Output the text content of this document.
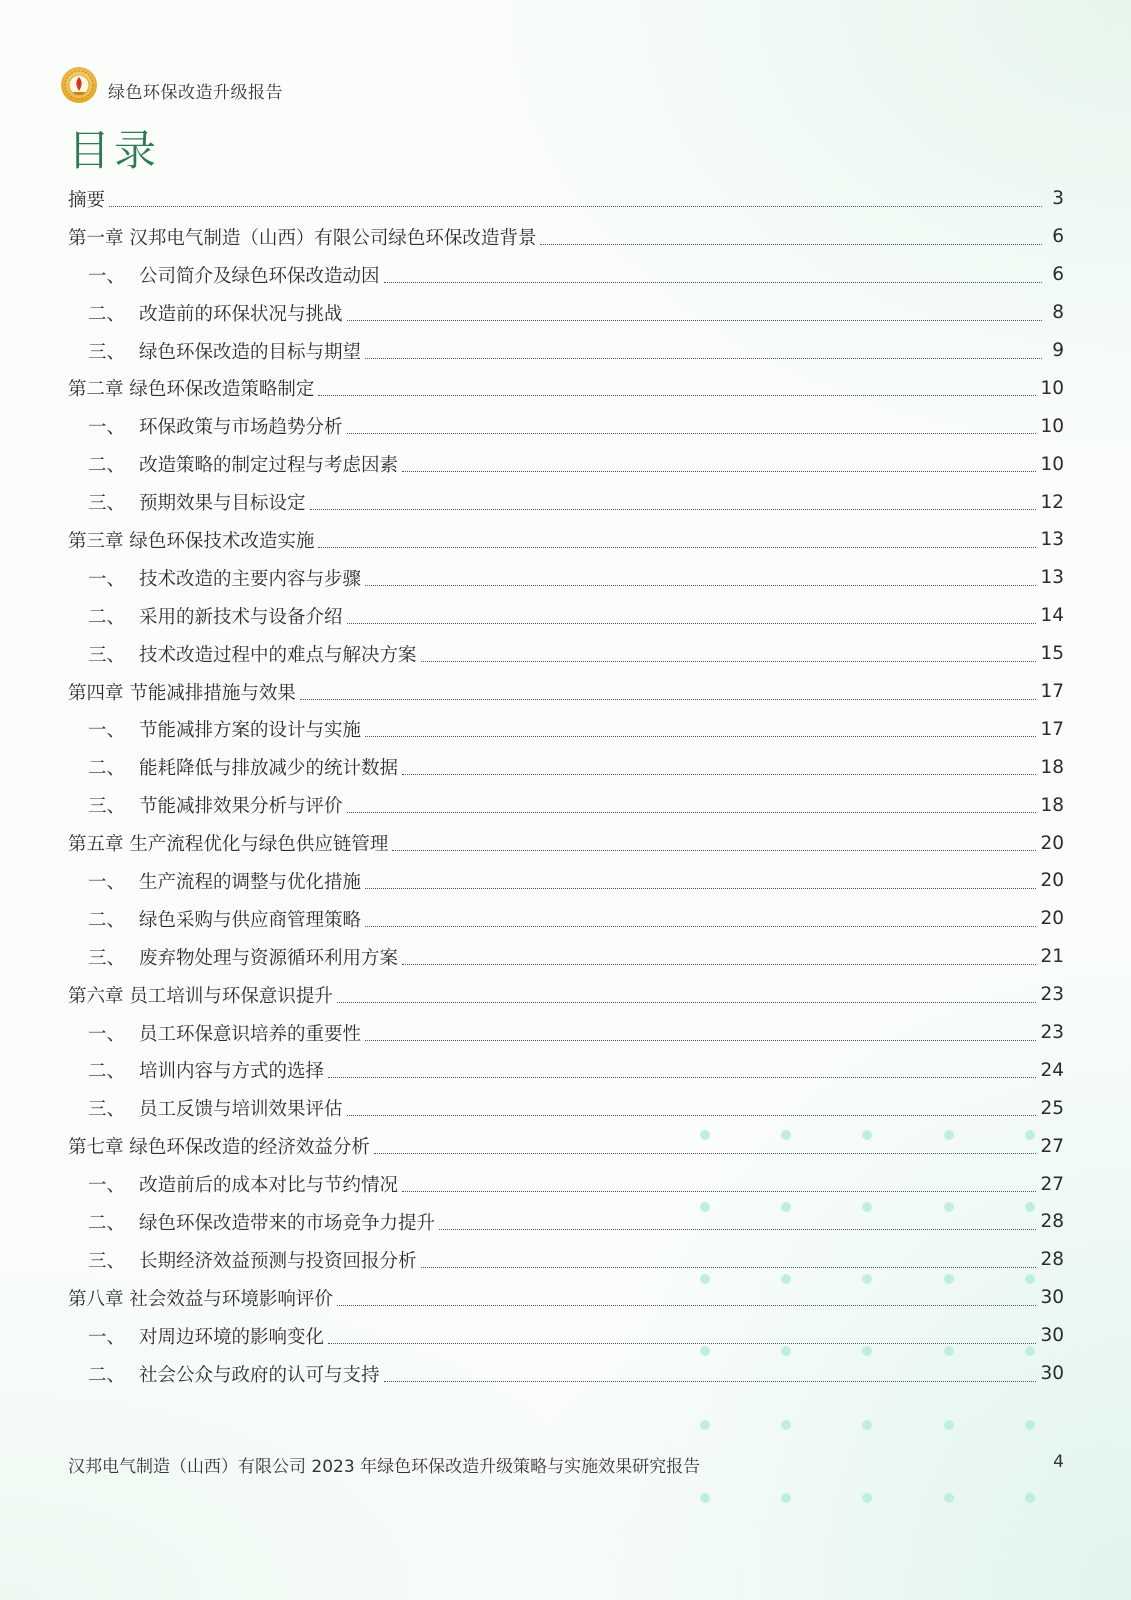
绿色环保改造升级报告
目录
摘要	3
第一章 汉邦电气制造（山西）有限公司绿色环保改造背景	6
一、 公司简介及绿色环保改造动因	6
二、 改造前的环保状况与挑战	8
三、 绿色环保改造的目标与期望	9
第二章 绿色环保改造策略制定	10
一、 环保政策与市场趋势分析	10
二、 改造策略的制定过程与考虑因素	10
三、 预期效果与目标设定	12
第三章 绿色环保技术改造实施	13
一、 技术改造的主要内容与步骤	13
二、 采用的新技术与设备介绍	14
三、 技术改造过程中的难点与解决方案	15
第四章 节能减排措施与效果	17
一、 节能减排方案的设计与实施	17
二、 能耗降低与排放减少的统计数据	18
三、 节能减排效果分析与评价	18
第五章 生产流程优化与绿色供应链管理	20
一、 生产流程的调整与优化措施	20
二、 绿色采购与供应商管理策略	20
三、 废弃物处理与资源循环利用方案	21
第六章 员工培训与环保意识提升	23
一、 员工环保意识培养的重要性	23
二、 培训内容与方式的选择	24
三、 员工反馈与培训效果评估	25
第七章 绿色环保改造的经济效益分析	27
一、 改造前后的成本对比与节约情况	27
二、 绿色环保改造带来的市场竞争力提升	28
三、 长期经济效益预测与投资回报分析	28
第八章 社会效益与环境影响评价	30
一、 对周边环境的影响变化	30
二、 社会公众与政府的认可与支持	30
汉邦电气制造（山西）有限公司 2023 年绿色环保改造升级策略与实施效果研究报告	4
